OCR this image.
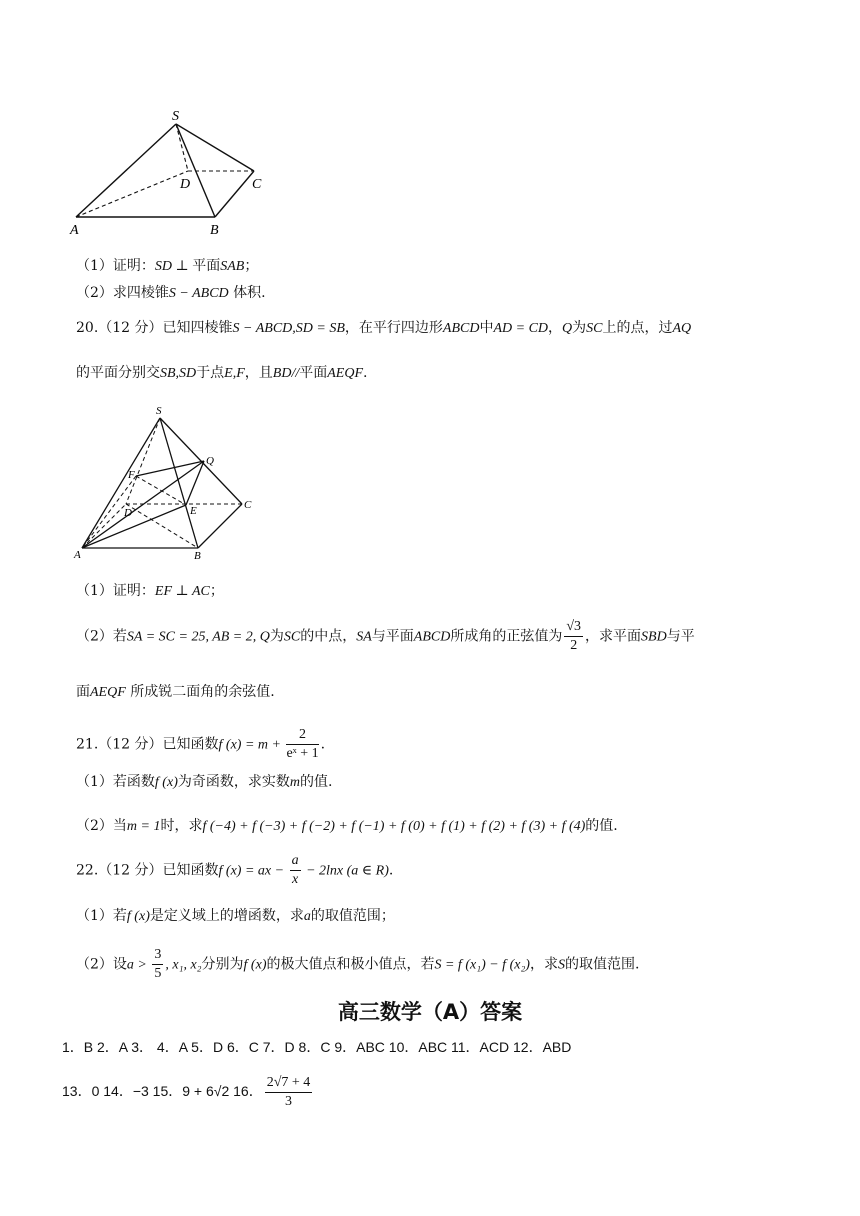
S
D	C
A	B
（1）证明：SD ⊥ 平面SAB；
（2）求四棱锥S − ABCD 体积.
20.（12 分）已知四棱锥S − ABCD,SD = SB，在平行四边形ABCD中AD = CD，Q为SC上的点，过AQ
的平面分别交SB,SD于点E,F，且BD//平面AEQF.
S
Q
F
D	E	C
A	B
（1）证明：EF ⊥ AC；
（2）若SA = SC = 25, AB = 2, Q为SC的中点，SA与平面ABCD所成角的正弦值为 $\frac{√3}{2}$ ，求平面SBD与平
面AEQF 所成锐二面角的余弦值.
21.（12 分）已知函数f $(x) = m + \frac{2}{\text{eˣ + 1}}$ .
（1）若函数f (x)为奇函数，求实数m的值.
（2）当m = 1时，求f (−4) + f (−3) + f (−2) + f (−1) + f (0) + f (1) + f (2) + f (3) + f (4)的值.
22.（12 分）已知函数f (x) = ax − $\frac{a}{x} - 2\ln x$ (a ∈ R).
（1）若f (x)是定义域上的增函数，求a的取值范围；
（2）设$a > \frac{3}{5}$ , x₁, x₂分别为f (x)的极大值点和极小值点，若S = f (x₁) − f (x₂)，求S的取值范围.
高三数学（A）答案
1．B 2．A 3． 4．A 5．D 6．C 7．D 8．C 9．ABC 10．ABC 11．ACD 12．ABD
13．0 14．−3 15．9 + 6√2 16． $\frac{2√7 + 4}{3}$
